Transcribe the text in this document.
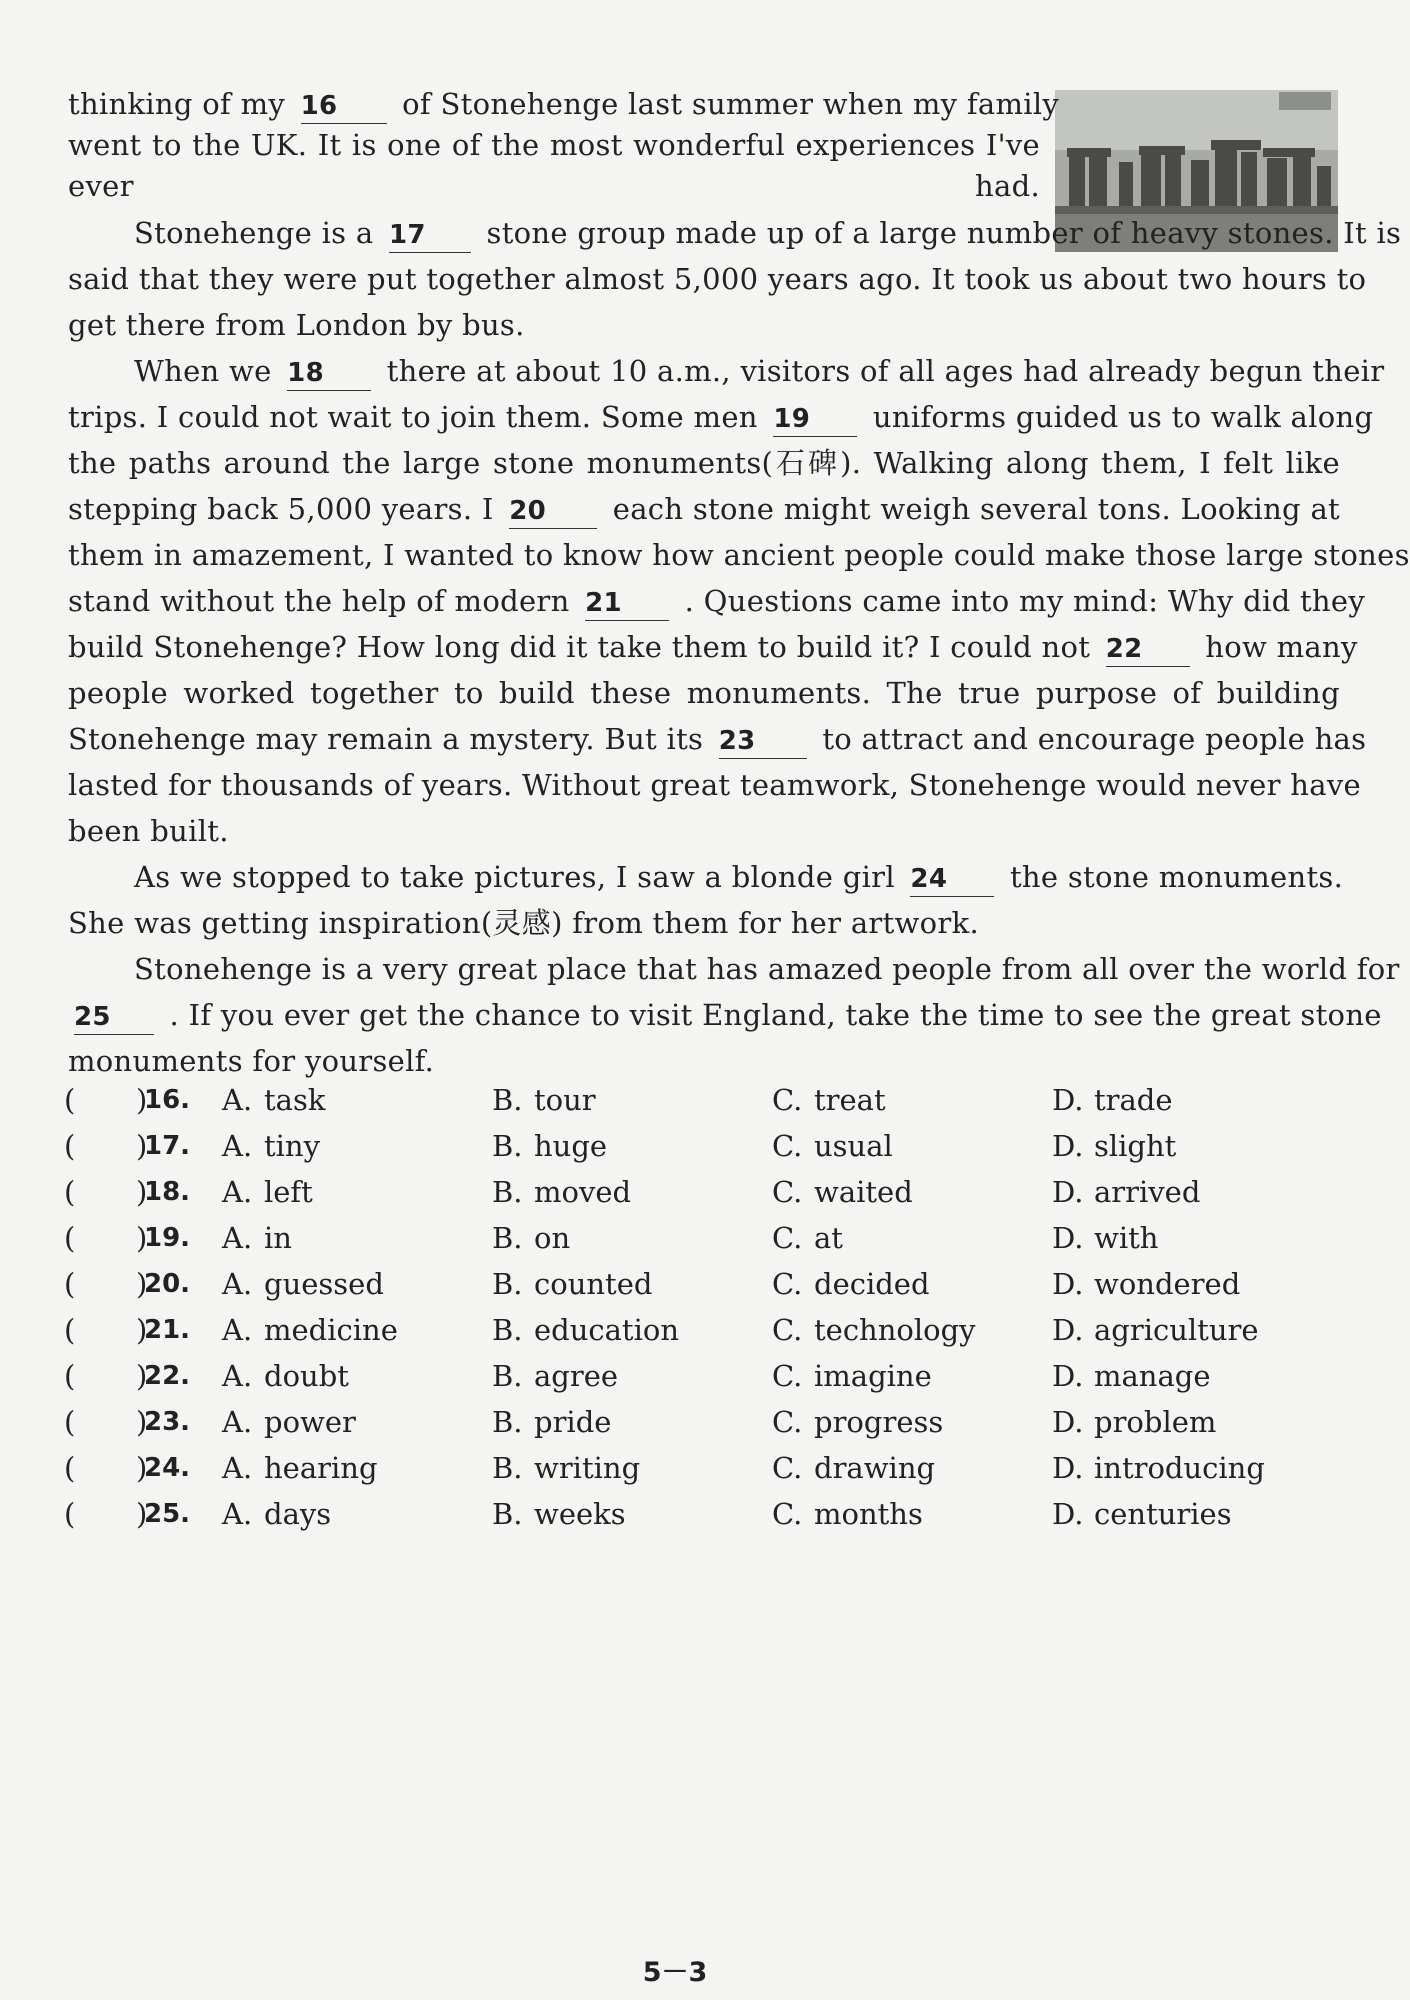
thinking of my 16 of Stonehenge last summer when my family
went to the UK. It is one of the most wonderful experiences I've
ever had.
Stonehenge is a 17 stone group made up of a large number of heavy stones. It is
said that they were put together almost 5,000 years ago. It took us about two hours to
get there from London by bus.
When we 18 there at about 10 a.m., visitors of all ages had already begun their
trips. I could not wait to join them. Some men 19 uniforms guided us to walk along
the paths around the large stone monuments(石碑). Walking along them, I felt like
stepping back 5,000 years. I 20 each stone might weigh several tons. Looking at
them in amazement, I wanted to know how ancient people could make those large stones
stand without the help of modern 21 . Questions came into my mind: Why did they
build Stonehenge? How long did it take them to build it? I could not 22 how many
people worked together to build these monuments. The true purpose of building
Stonehenge may remain a mystery. But its 23 to attract and encourage people has
lasted for thousands of years. Without great teamwork, Stonehenge would never have
been built.
As we stopped to take pictures, I saw a blonde girl 24 the stone monuments.
She was getting inspiration(灵感) from them for her artwork.
Stonehenge is a very great place that has amazed people from all over the world for
25 . If you ever get the chance to visit England, take the time to see the great stone
monuments for yourself.
( )
16. A. task	B. tour	C. treat	D. trade
( )
17. A. tiny	B. huge	C. usual	D. slight
( )
18. A. left	B. moved	C. waited	D. arrived
( )
19. A. in	B. on	C. at	D. with
( )
20. A. guessed	B. counted	C. decided	D. wondered
( )
21. A. medicine	B. education	C. technology	D. agriculture
( )
22. A. doubt	B. agree	C. imagine	D. manage
( )
23. A. power	B. pride	C. progress	D. problem
( )
24. A. hearing	B. writing	C. drawing	D. introducing
( )
25. A. days	B. weeks	C. months	D. centuries
5－3
